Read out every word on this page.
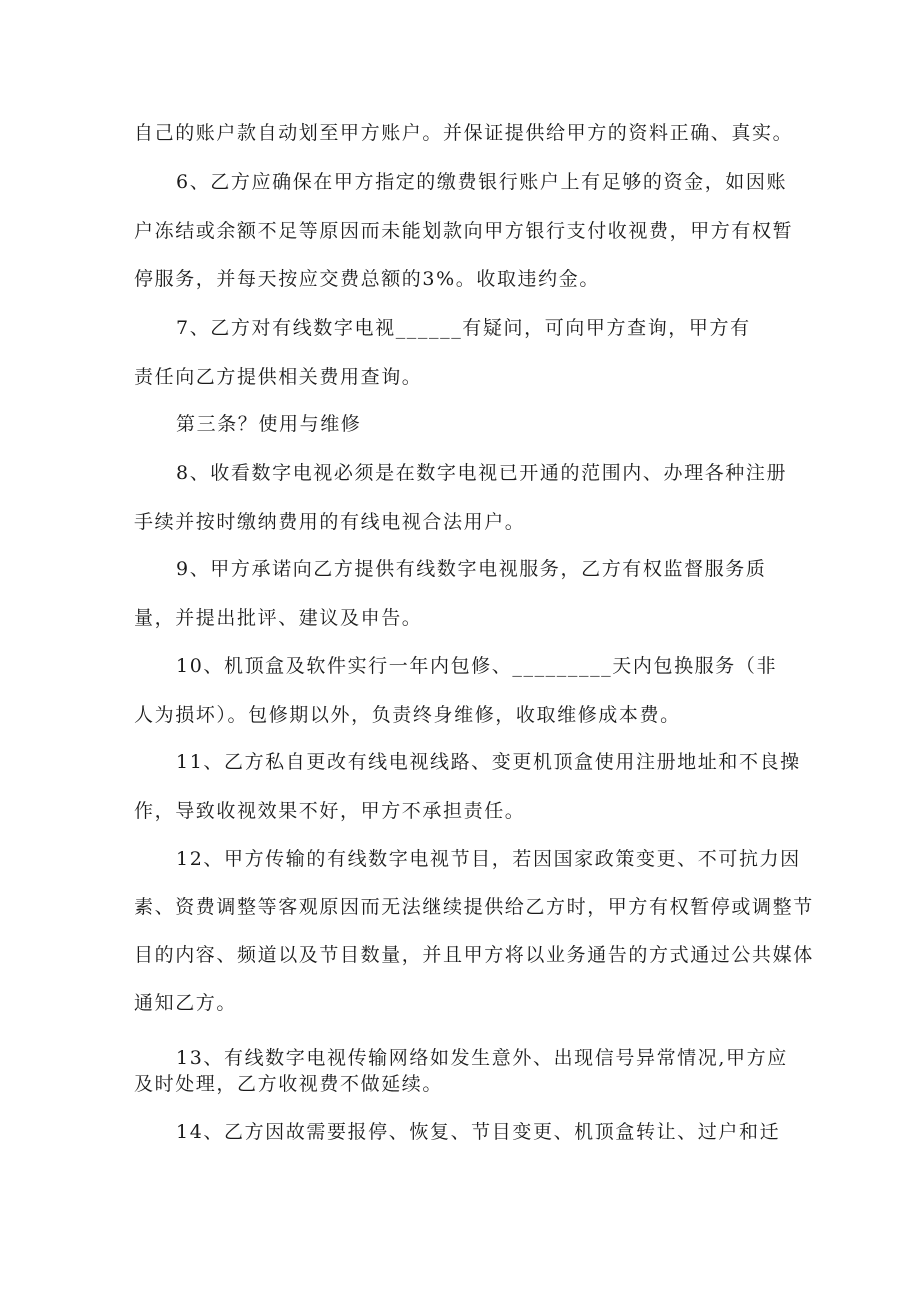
自己的账户款自动划至甲方账户。并保证提供给甲方的资料正确、真实。
6、乙方应确保在甲方指定的缴费银行账户上有足够的资金，如因账
户冻结或余额不足等原因而未能划款向甲方银行支付收视费，甲方有权暂
停服务，并每天按应交费总额的3%。收取违约金。
7、乙方对有线数字电视______有疑问，可向甲方查询，甲方有
责任向乙方提供相关费用查询。
第三条？使用与维修
8、收看数字电视必须是在数字电视已开通的范围内、办理各种注册
手续并按时缴纳费用的有线电视合法用户。
9、甲方承诺向乙方提供有线数字电视服务，乙方有权监督服务质
量，并提出批评、建议及申告。
10、机顶盒及软件实行一年内包修、_________天内包换服务（非
人为损坏）。包修期以外，负责终身维修，收取维修成本费。
11、乙方私自更改有线电视线路、变更机顶盒使用注册地址和不良操
作，导致收视效果不好，甲方不承担责任。
12、甲方传输的有线数字电视节目，若因国家政策变更、不可抗力因
素、资费调整等客观原因而无法继续提供给乙方时，甲方有权暂停或调整节
目的内容、频道以及节目数量，并且甲方将以业务通告的方式通过公共媒体
通知乙方。
13、有线数字电视传输网络如发生意外、出现信号异常情况,甲方应
及时处理，乙方收视费不做延续。
14、乙方因故需要报停、恢复、节目变更、机顶盒转让、过户和迁
